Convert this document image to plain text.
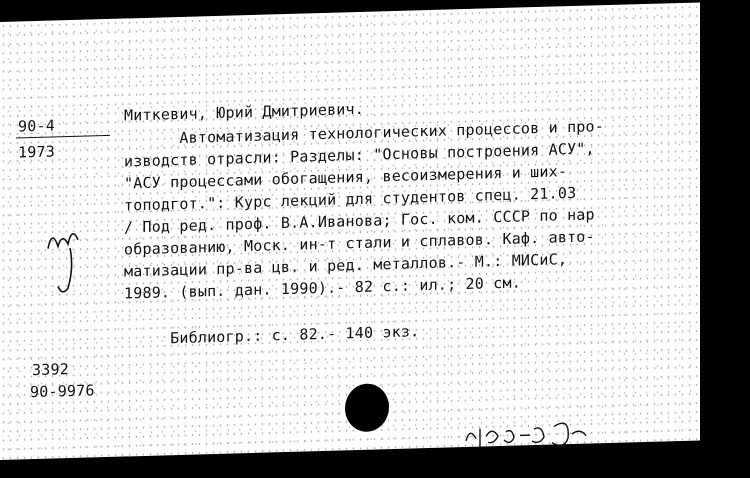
90-4
1973
Миткевич, Юрий Дмитриевич.
Автоматизация технологических процессов и про-
изводств отрасли: Разделы: "Основы построения АСУ",
"АСУ процессами обогащения, весоизмерения и ших-
топодгот.": Курс лекций для студентов спец. 21.03
/ Под ред. проф. В.А.Иванова; Гос. ком. СССР по нар
образованию, Моск. ин-т стали и сплавов. Каф. авто-
матизации пр-ва цв. и ред. металлов.- М.: МИСиС,
1989. (вып. дан. 1990).- 82 с.: ил.; 20 см.
Библиогр.: с. 82.- 140 экз.
3392
90-9976
